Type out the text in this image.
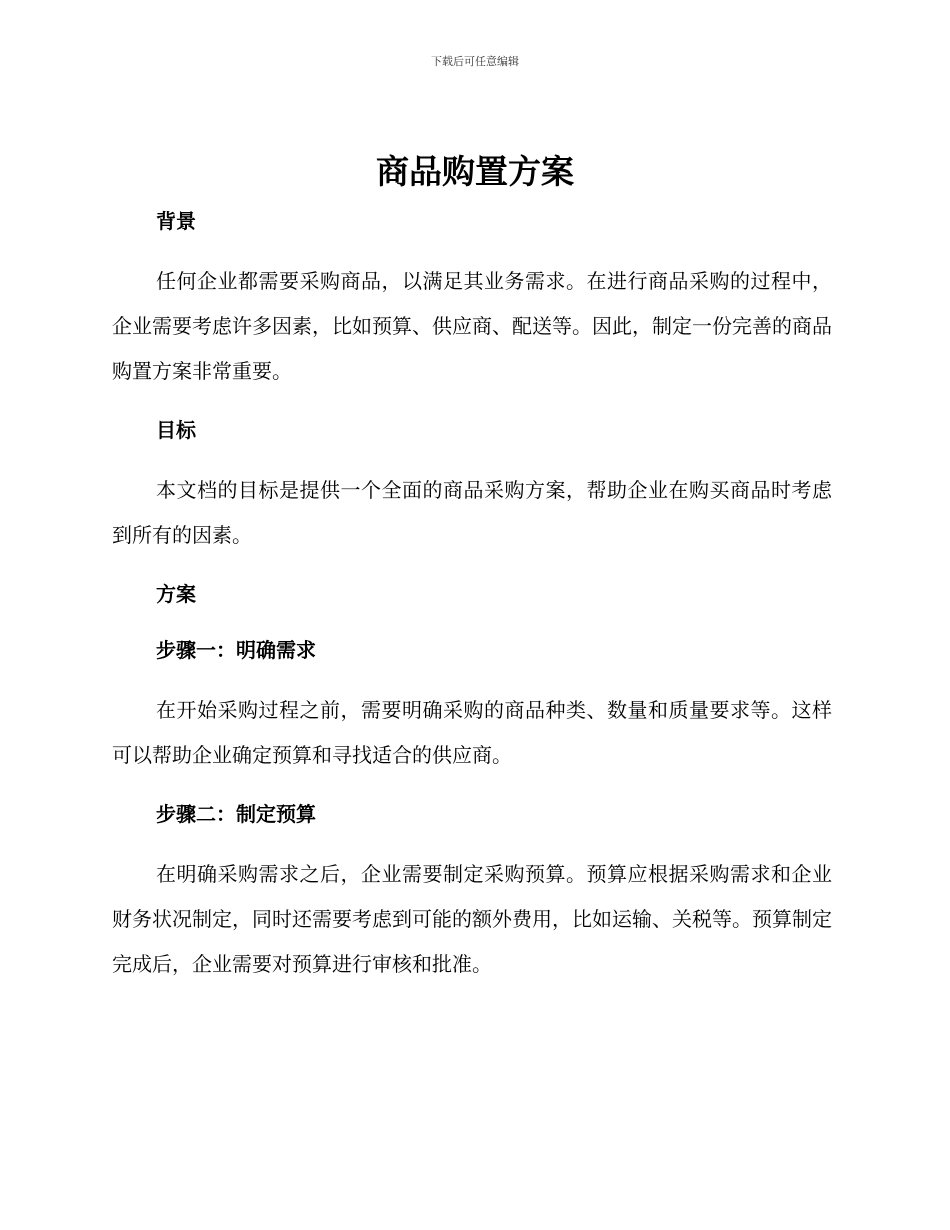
下载后可任意编辑
商品购置方案
背景

任何企业都需要采购商品，以满足其业务需求。在进行商品采购的过程中，企业需要考虑许多因素，比如预算、供应商、配送等。因此，制定一份完善的商品购置方案非常重要。

目标

本文档的目标是提供一个全面的商品采购方案，帮助企业在购买商品时考虑到所有的因素。

方案
步骤一：明确需求

在开始采购过程之前，需要明确采购的商品种类、数量和质量要求等。这样可以帮助企业确定预算和寻找适合的供应商。

步骤二：制定预算

在明确采购需求之后，企业需要制定采购预算。预算应根据采购需求和企业财务状况制定，同时还需要考虑到可能的额外费用，比如运输、关税等。预算制定完成后，企业需要对预算进行审核和批准。
